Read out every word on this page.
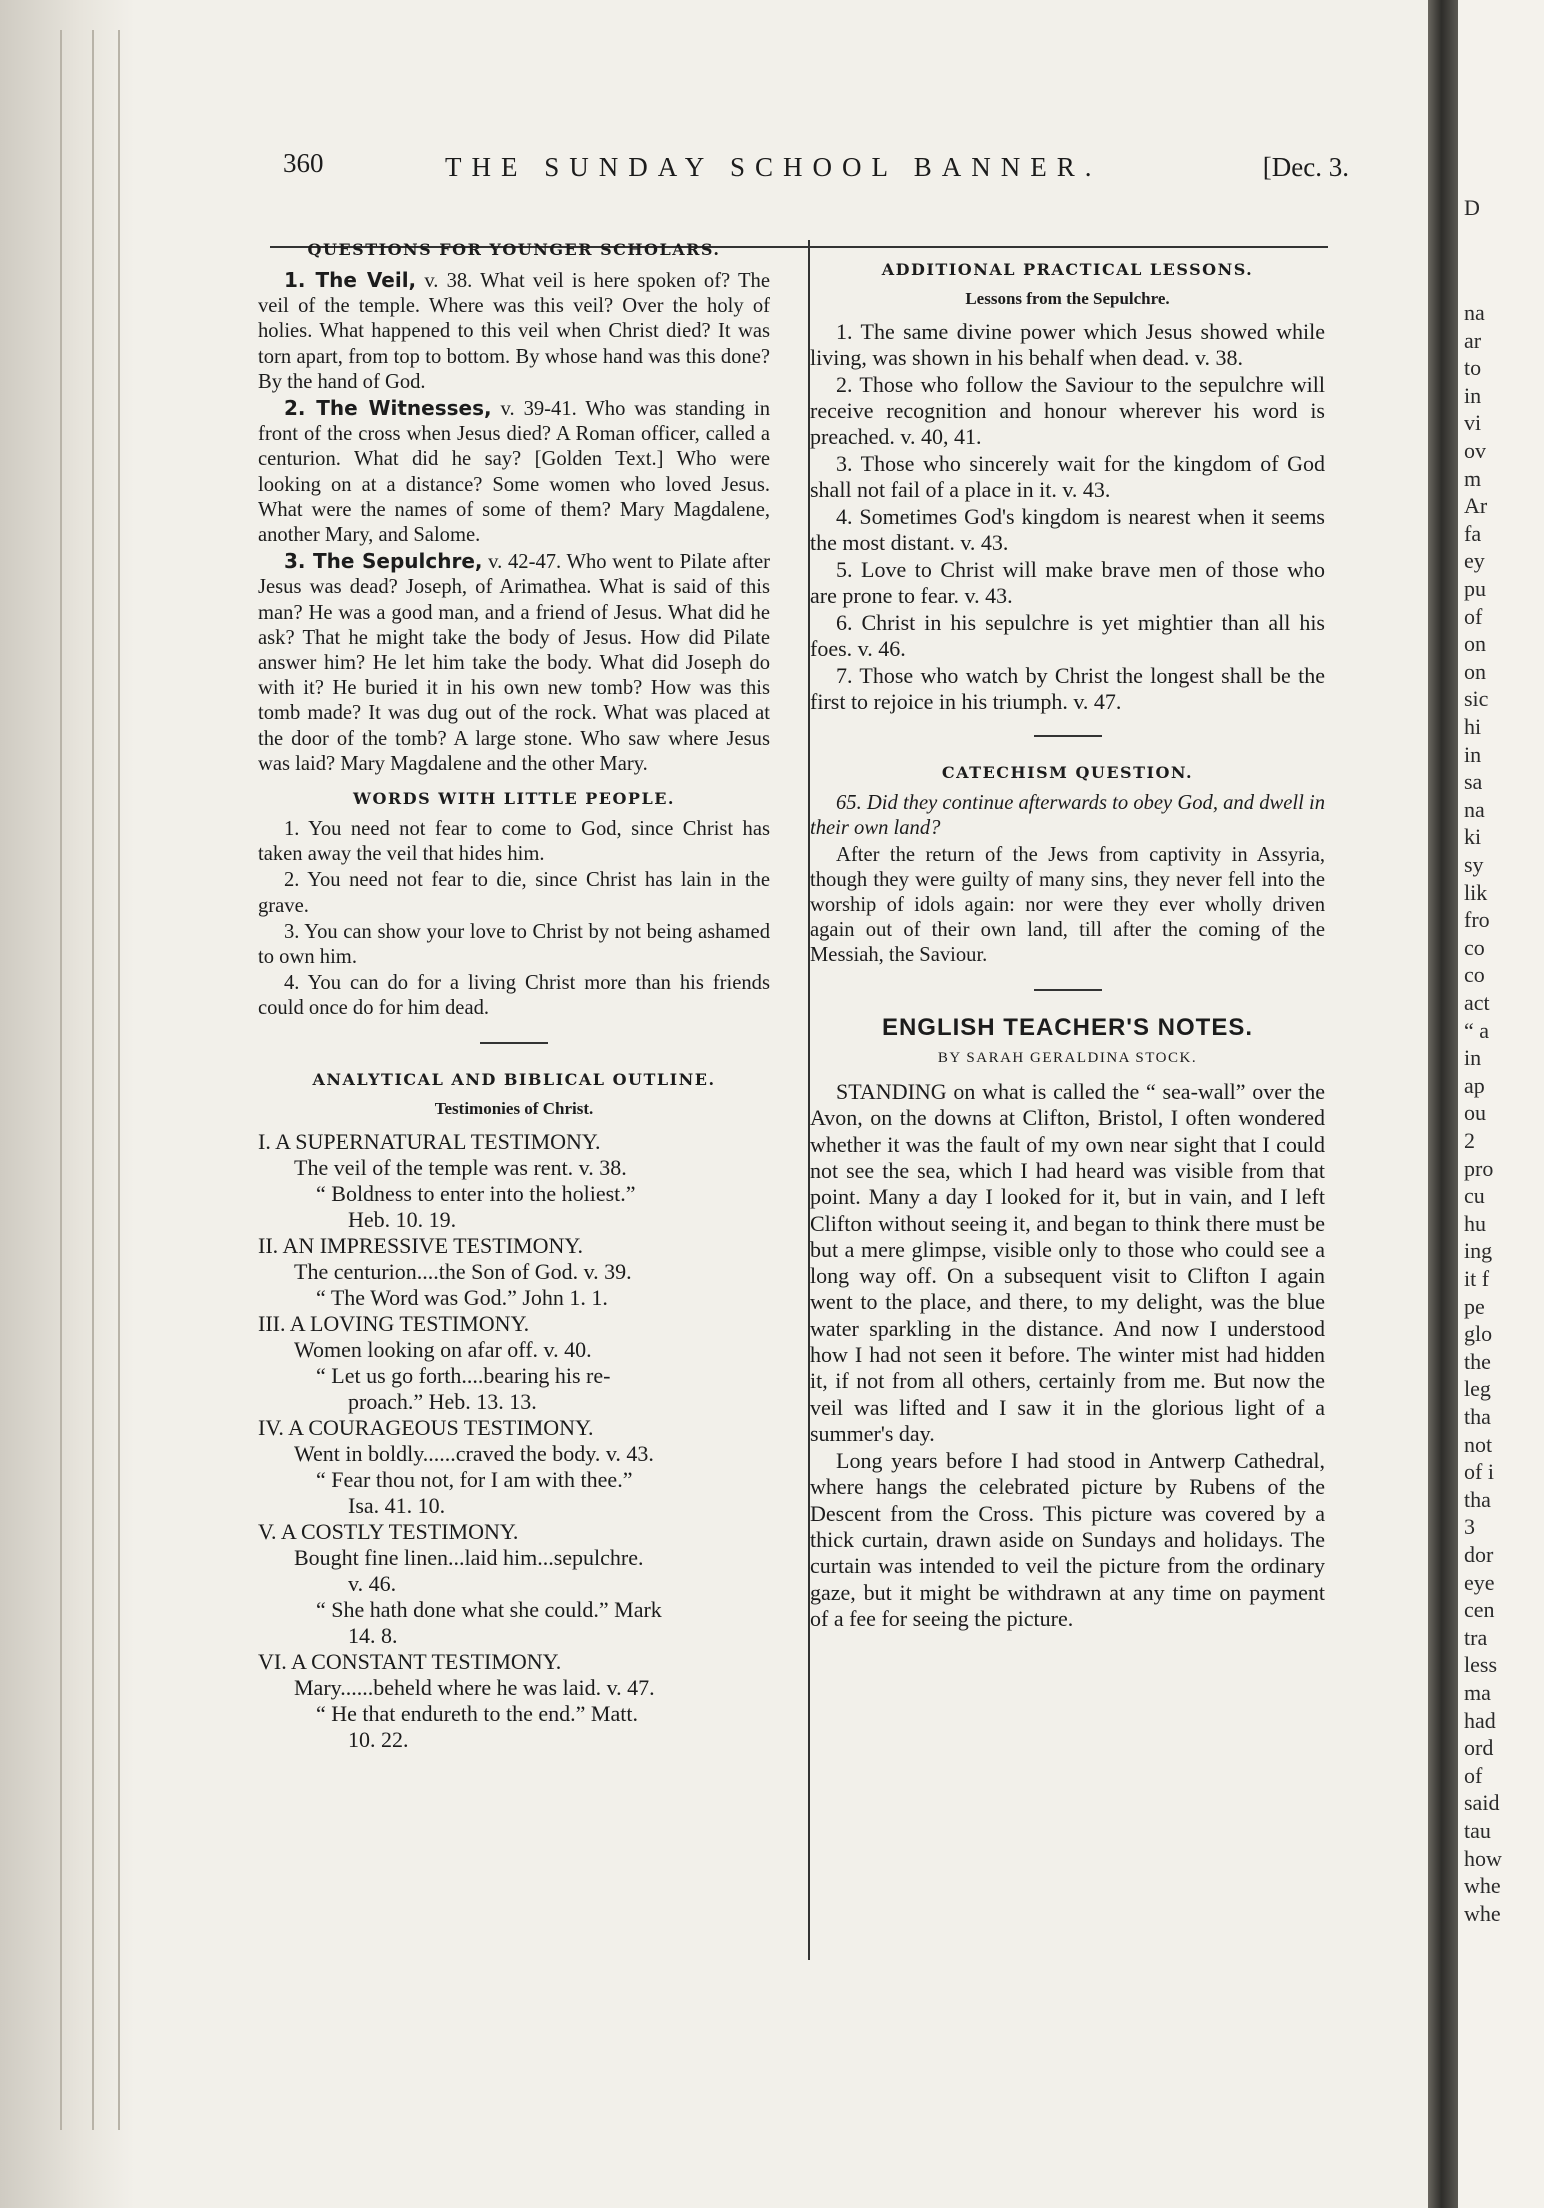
D
na
ar
to
in
vi
ov
m
Ar
fa
ey
pu
of
on
on
sic
hi
in
sa
na
ki
sy
lik
fro
co
co
act
“ a
in
ap
ou
2
pro
cu
hu
ing
it f
pe
glo
the
leg
tha
not
of i
tha
3
dor
eye
cen
tra
less
ma
had
ord
of
said
tau
how
whe
whe
360	THE SUNDAY SCHOOL BANNER.	[Dec. 3.
QUESTIONS FOR YOUNGER SCHOLARS.

1. The Veil, v. 38. What veil is here spoken of? The veil of the temple. Where was this veil? Over the holy of holies. What happened to this veil when Christ died? It was torn apart, from top to bottom. By whose hand was this done? By the hand of God.

2. The Witnesses, v. 39-41. Who was standing in front of the cross when Jesus died? A Roman officer, called a centurion. What did he say? [Golden Text.] Who were looking on at a distance? Some women who loved Jesus. What were the names of some of them? Mary Magdalene, another Mary, and Salome.

3. The Sepulchre, v. 42-47. Who went to Pilate after Jesus was dead? Joseph, of Arimathea. What is said of this man? He was a good man, and a friend of Jesus. What did he ask? That he might take the body of Jesus. How did Pilate answer him? He let him take the body. What did Joseph do with it? He buried it in his own new tomb? How was this tomb made? It was dug out of the rock. What was placed at the door of the tomb? A large stone. Who saw where Jesus was laid? Mary Magdalene and the other Mary.

WORDS WITH LITTLE PEOPLE.

1. You need not fear to come to God, since Christ has taken away the veil that hides him.

2. You need not fear to die, since Christ has lain in the grave.

3. You can show your love to Christ by not being ashamed to own him.

4. You can do for a living Christ more than his friends could once do for him dead.

ANALYTICAL AND BIBLICAL OUTLINE.
Testimonies of Christ.

I. A SUPERNATURAL TESTIMONY.

The veil of the temple was rent. v. 38.

“ Boldness to enter into the holiest.”

Heb. 10. 19.

II. AN IMPRESSIVE TESTIMONY.

The centurion....the Son of God. v. 39.

“ The Word was God.” John 1. 1.

III. A LOVING TESTIMONY.

Women looking on afar off. v. 40.

“ Let us go forth....bearing his re-

proach.” Heb. 13. 13.

IV. A COURAGEOUS TESTIMONY.

Went in boldly......craved the body. v. 43.

“ Fear thou not, for I am with thee.”

Isa. 41. 10.

V. A COSTLY TESTIMONY.

Bought fine linen...laid him...sepulchre.

v. 46.

“ She hath done what she could.” Mark

14. 8.

VI. A CONSTANT TESTIMONY.

Mary......beheld where he was laid. v. 47.

“ He that endureth to the end.” Matt.

10. 22.

ADDITIONAL PRACTICAL LESSONS.
Lessons from the Sepulchre.

1. The same divine power which Jesus showed while living, was shown in his behalf when dead. v. 38.

2. Those who follow the Saviour to the sepulchre will receive recognition and honour wherever his word is preached. v. 40, 41.

3. Those who sincerely wait for the kingdom of God shall not fail of a place in it. v. 43.

4. Sometimes God's kingdom is nearest when it seems the most distant. v. 43.

5. Love to Christ will make brave men of those who are prone to fear. v. 43.

6. Christ in his sepulchre is yet mightier than all his foes. v. 46.

7. Those who watch by Christ the longest shall be the first to rejoice in his triumph. v. 47.

CATECHISM QUESTION.

65. Did they continue afterwards to obey God, and dwell in their own land?

After the return of the Jews from captivity in Assyria, though they were guilty of many sins, they never fell into the worship of idols again: nor were they ever wholly driven again out of their own land, till after the coming of the Messiah, the Saviour.

ENGLISH TEACHER'S NOTES.
BY SARAH GERALDINA STOCK.

STANDING on what is called the “ sea-wall” over the Avon, on the downs at Clifton, Bristol, I often wondered whether it was the fault of my own near sight that I could not see the sea, which I had heard was visible from that point. Many a day I looked for it, but in vain, and I left Clifton without seeing it, and began to think there must be but a mere glimpse, visible only to those who could see a long way off. On a subsequent visit to Clifton I again went to the place, and there, to my delight, was the blue water sparkling in the distance. And now I understood how I had not seen it before. The winter mist had hidden it, if not from all others, certainly from me. But now the veil was lifted and I saw it in the glorious light of a summer's day.

Long years before I had stood in Antwerp Cathedral, where hangs the celebrated picture by Rubens of the Descent from the Cross. This picture was covered by a thick curtain, drawn aside on Sundays and holidays. The curtain was intended to veil the picture from the ordinary gaze, but it might be withdrawn at any time on payment of a fee for seeing the picture.
